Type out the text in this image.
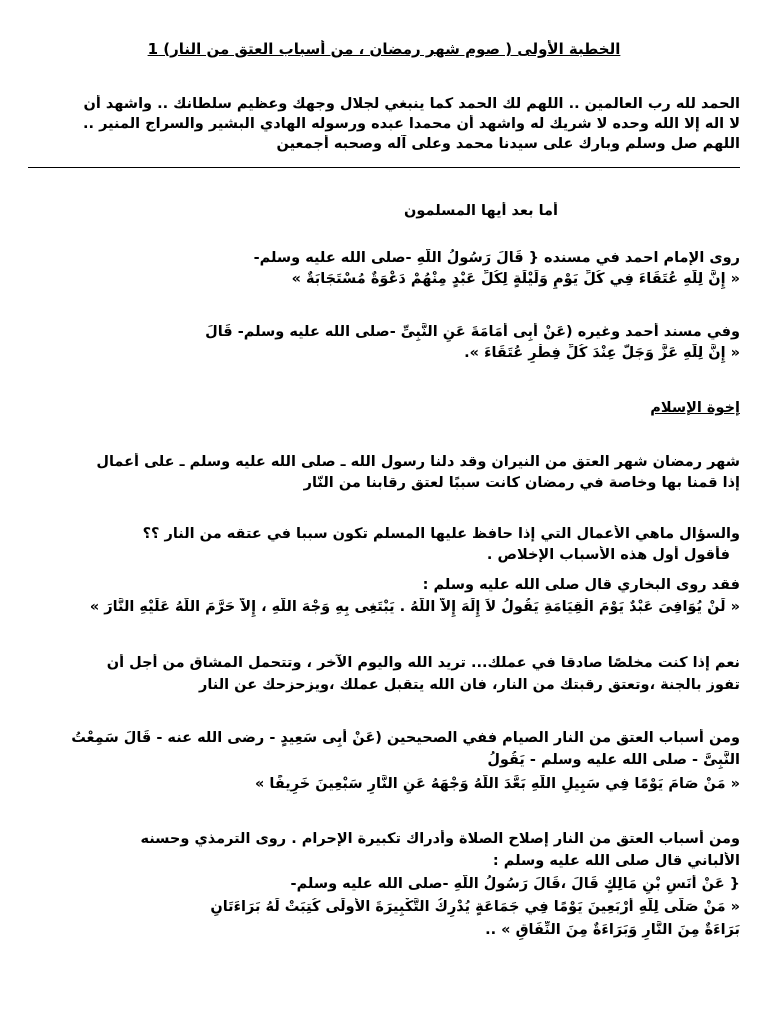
الخطبة الأولى ( صوم شهر رمضان ، من أسباب العتق من النار) 1
الحمد لله رب العالمين .. اللهم لك الحمد كما ينبغي لجلال وجهك وعظيم سلطانك .. واشهد أن
لا اله إلا الله وحده لا شريك له واشهد أن محمدا عبده ورسوله الهادي البشير والسراج المنير ..
اللهم صل وسلم وبارك على سيدنا محمد وعلى آله وصحبه أجمعين
أما بعد أيها المسلمون
روى الإمام احمد في مسنده { قَالَ رَسُولُ اللَّهِ -صلى الله عليه وسلم-
« إِنَّ لِلَّهِ عُتَقَاءَ فِي كُلِّ يَوْمٍ وَلَيْلَةٍ لِكُلِّ عَبْدٍ مِنْهُمْ دَعْوَةٌ مُسْتَجَابَةٌ »
وفي مسند أحمد وغيره (عَنْ أَبِى أُمَامَةَ عَنِ النَّبِىِّ -صلى الله عليه وسلم- قَالَ
« إِنَّ لِلَّهِ عَزَّ وَجَلَّ عِنْدَ كُلِّ فِطْرٍ عُتَقَاءَ ».
إخوة الإسلام
شهر رمضان شهر العتق من النيران وقد دلنا رسول الله ـ صلى الله عليه وسلم ـ على أعمال
إذا قمنا بها وخاصة في رمضان كانت سببًا لعتق رقابنا من النّار
والسؤال ماهي الأعمال التي إذا حافظ عليها المسلم تكون سببا في عتقه من النار ؟؟
فأقول أول هذه الأسباب الإخلاص .
فقد روى البخاري قال صلى الله عليه وسلم :
« لَنْ يُوَافِىَ عَبْدٌ يَوْمَ الْقِيَامَةِ يَقُولُ لاَ إِلَهَ إِلاَّ اللَّهُ . يَبْتَغِى بِهِ وَجْهَ اللَّهِ ، إِلاَّ حَرَّمَ اللَّهُ عَلَيْهِ النَّارَ »
نعم إذا كنت مخلصًا صادقا في عملك... تريد الله واليوم الآخر ، وتتحمل المشاق من أجل أن
تفوز بالجنة ،وتعتق رقبتك من النار، فان الله يتقبل عملك ،ويزحزحك عن النار
ومن أسباب العتق من النار الصيام ففي الصحيحين (عَنْ أَبِى سَعِيدٍ - رضى الله عنه - قَالَ سَمِعْتُ
النَّبِىَّ - صلى الله عليه وسلم - يَقُولُ
« مَنْ صَامَ يَوْمًا فِي سَبِيلِ اللَّهِ بَعَّدَ اللَّهُ وَجْهَهُ عَنِ النَّارِ سَبْعِينَ خَرِيفًا »
ومن أسباب العتق من النار إصلاح الصلاة وأدراك تكبيرة الإحرام . روى الترمذي وحسنه
الألباني قال صلى الله عليه وسلم :
{ عَنْ أَنَسِ بْنِ مَالِكٍ قَالَ ،قَالَ رَسُولُ اللَّهِ -صلى الله عليه وسلم-
« مَنْ صَلَّى لِلَّهِ أَرْبَعِينَ يَوْمًا فِي جَمَاعَةٍ يُدْرِكُ التَّكْبِيرَةَ الأُولَى كُتِبَتْ لَهُ بَرَاءَتَانِ
بَرَاءَةٌ مِنَ النَّارِ وَبَرَاءَةٌ مِنَ النِّفَاقِ » ..
